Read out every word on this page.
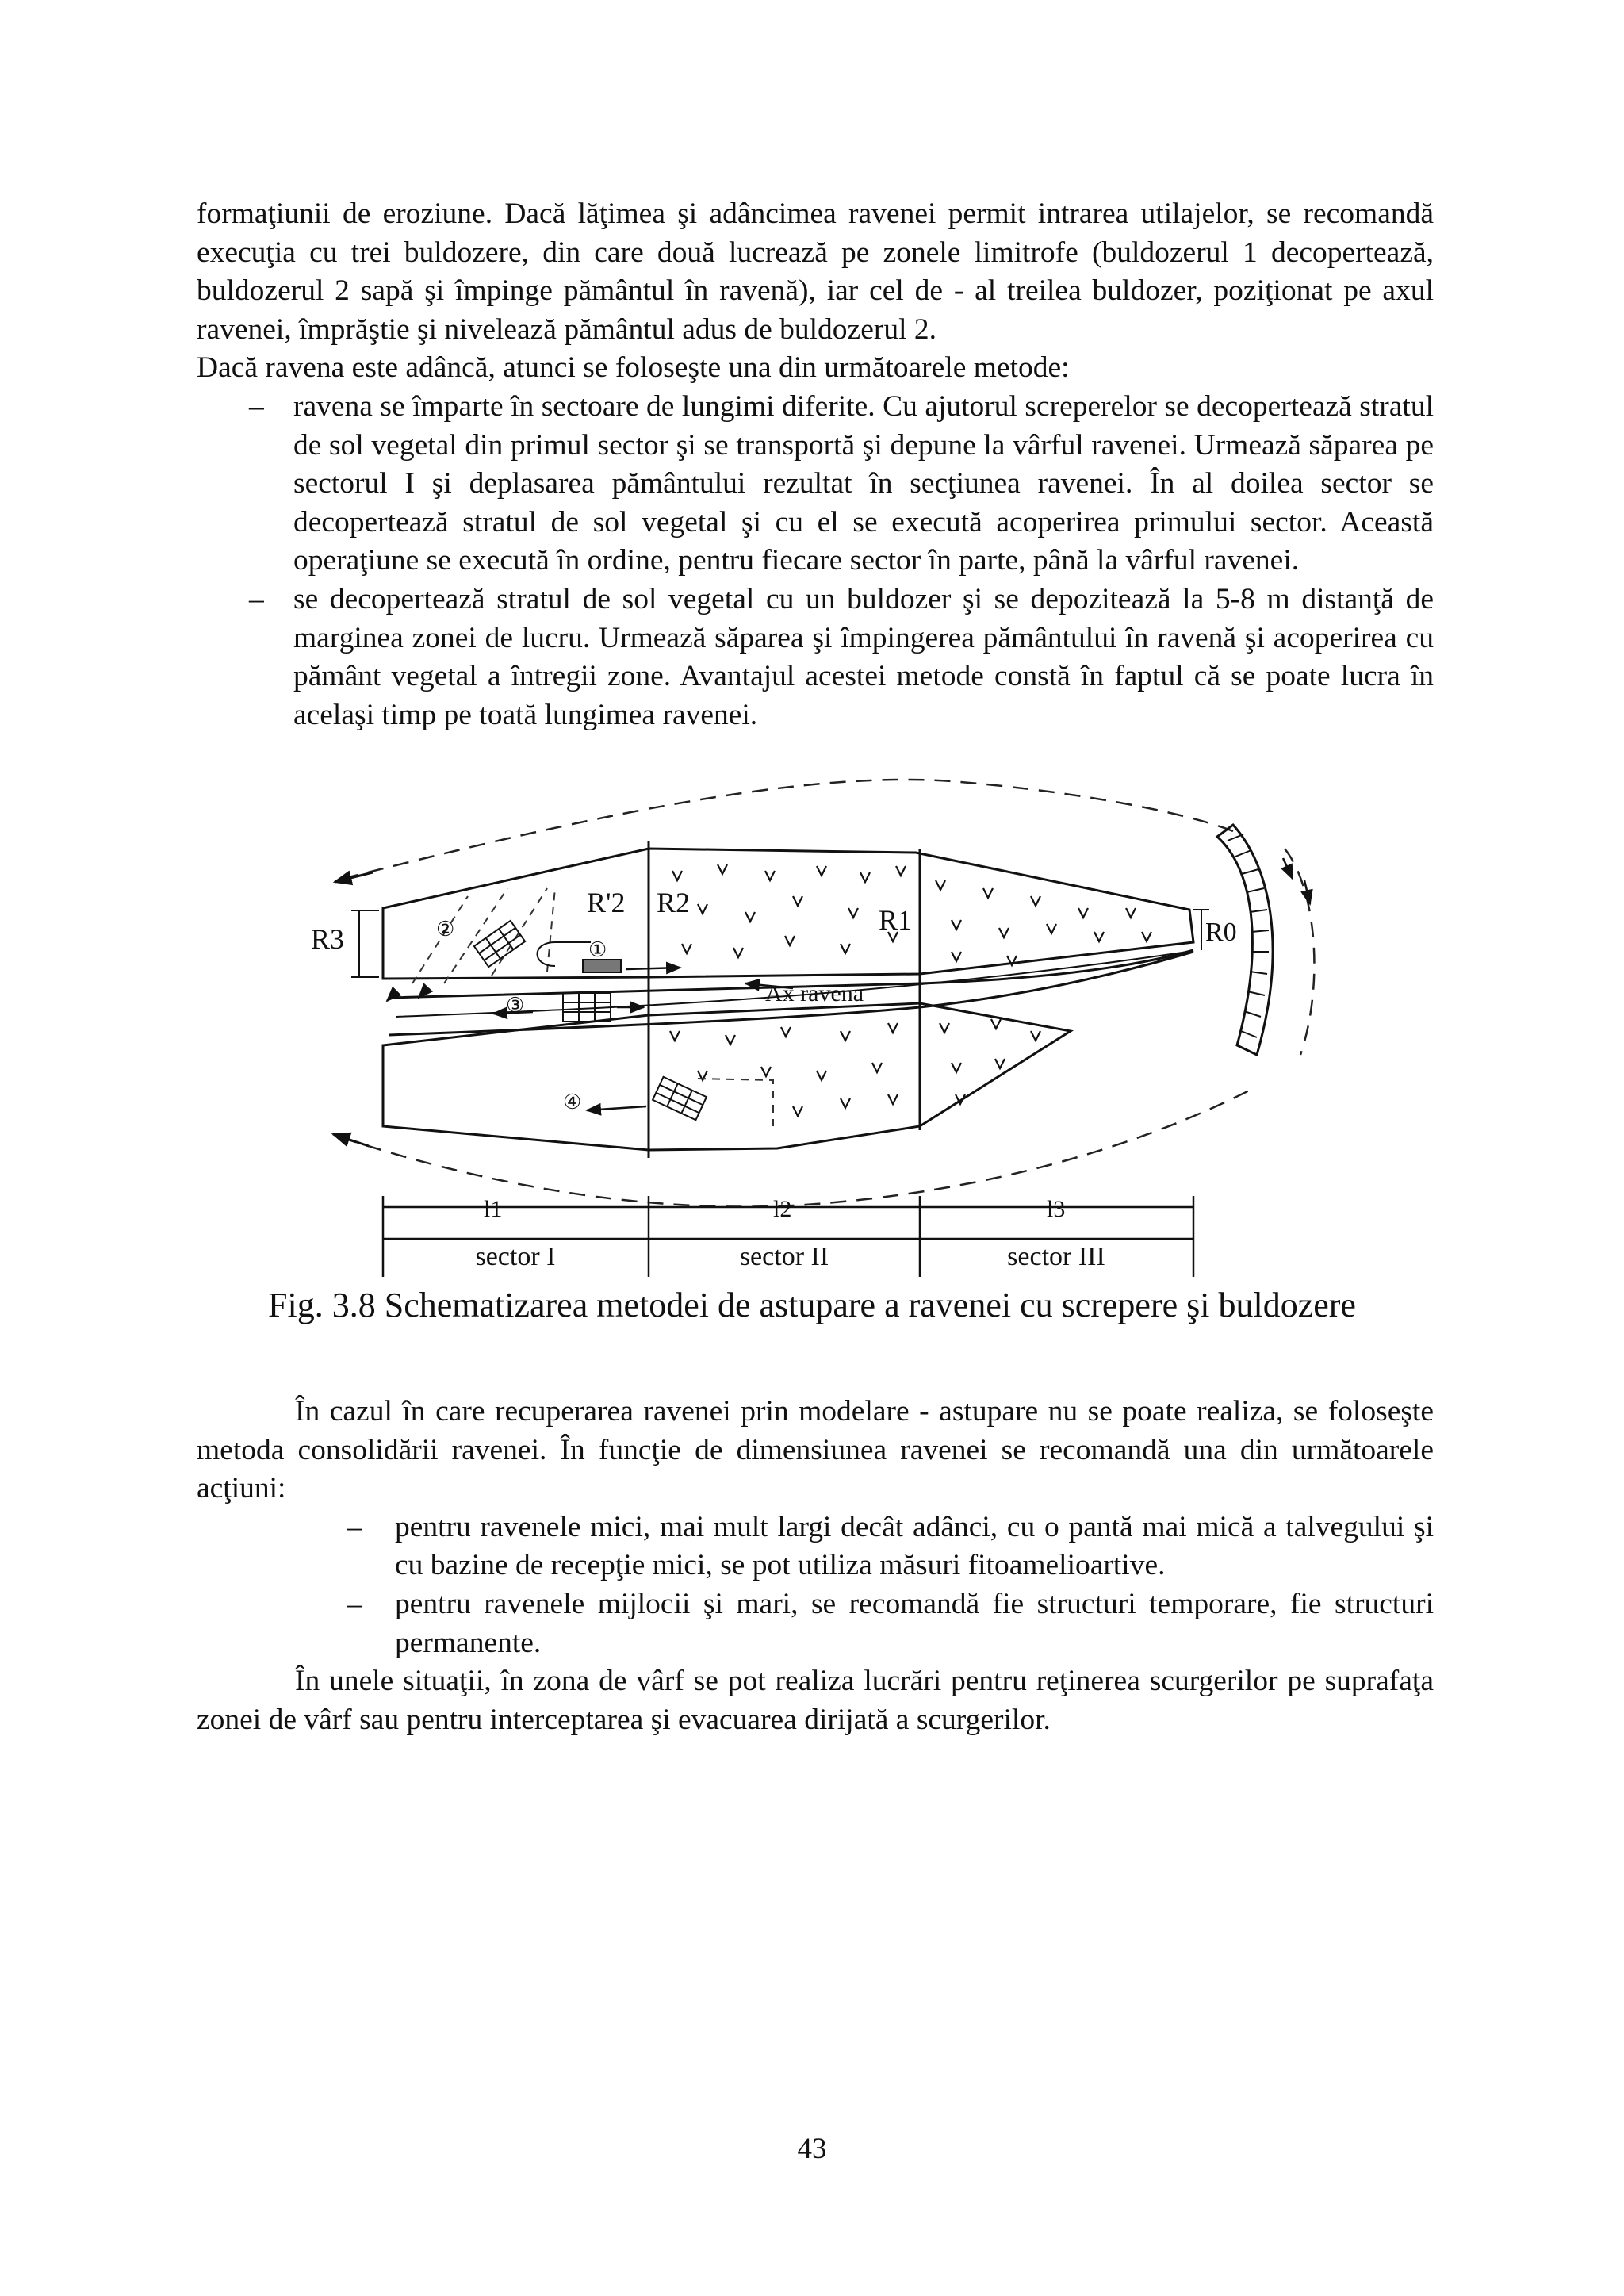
formaţiunii de eroziune. Dacă lăţimea şi adâncimea ravenei permit intrarea utilajelor, se recomandă execuţia cu trei buldozere, din care două lucrează pe zonele limitrofe (buldozerul 1 decopertează, buldozerul 2 sapă şi împinge pământul în ravenă), iar cel de - al treilea buldozer, poziţionat pe axul ravenei, împrăştie şi nivelează pământul adus de buldozerul 2.

Dacă ravena este adâncă, atunci se foloseşte una din următoarele metode:

– ravena se împarte în sectoare de lungimi diferite. Cu ajutorul screperelor se decopertează stratul de sol vegetal din primul sector şi se transportă şi depune la vârful ravenei. Urmează săparea pe sectorul I şi deplasarea pământului rezultat în secţiunea ravenei. În al doilea sector se decopertează stratul de sol vegetal şi cu el se execută acoperirea primului sector. Această operaţiune se execută în ordine, pentru fiecare sector în parte, până la vârful ravenei.
– se decopertează stratul de sol vegetal cu un buldozer şi se depozitează la 5-8 m distanţă de marginea zonei de lucru. Urmează săparea şi împingerea pământului în ravenă şi acoperirea cu pământ vegetal a întregii zone. Avantajul acestei metode constă în faptul că se poate lucra în acelaşi timp pe toată lungimea ravenei.
R3
R'2 R2
R1	R0
Ax ravena
①
②
③
④
l1	l2	l3
sector I	sector II	sector III
Fig. 3.8 Schematizarea metodei de astupare a ravenei cu screpere şi buldozere

În cazul în care recuperarea ravenei prin modelare - astupare nu se poate realiza, se foloseşte metoda consolidării ravenei. În funcţie de dimensiunea ravenei se recomandă una din următoarele acţiuni:

– pentru ravenele mici, mai mult largi decât adânci, cu o pantă mai mică a talvegului şi cu bazine de recepţie mici, se pot utiliza măsuri fitoamelioartive.
– pentru ravenele mijlocii şi mari, se recomandă fie structuri temporare, fie structuri permanente.

În unele situaţii, în zona de vârf se pot realiza lucrări pentru reţinerea scurgerilor pe suprafaţa zonei de vârf sau pentru interceptarea şi evacuarea dirijată a scurgerilor.

43
